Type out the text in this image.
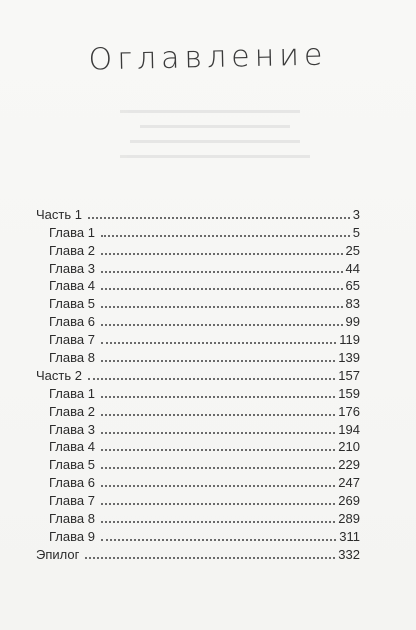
Оглавление
Часть 1	3
Глава 1	5
Глава 2	25
Глава 3	44
Глава 4	65
Глава 5	83
Глава 6	99
Глава 7	119
Глава 8	139
Часть 2	157
Глава 1	159
Глава 2	176
Глава 3	194
Глава 4	210
Глава 5	229
Глава 6	247
Глава 7	269
Глава 8	289
Глава 9	311
Эпилог	332
